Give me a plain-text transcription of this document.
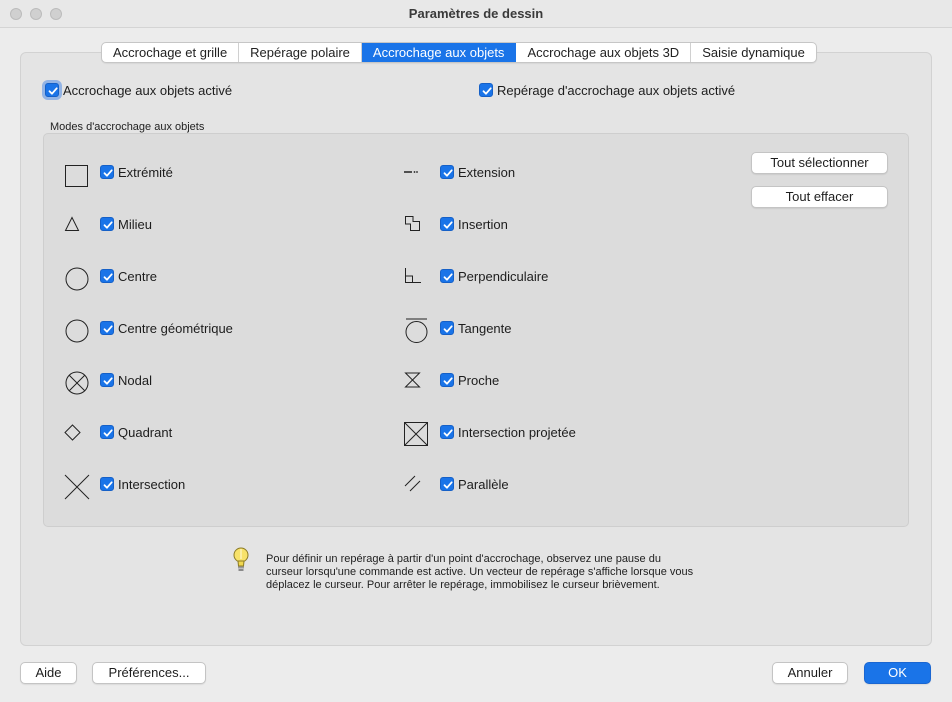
Paramètres de dessin
Accrochage et grille	Repérage polaire	Accrochage aux objets	Accrochage aux objets 3D	Saisie dynamique
Accrochage aux objets activé	Repérage d'accrochage aux objets activé
Modes d'accrochage aux objets
Extrémité
Milieu
Centre
Centre géométrique
Nodal
Quadrant
Intersection
Extension
Insertion
Perpendiculaire
Tangente
Proche
Intersection projetée
Parallèle
Tout sélectionner
Tout effacer
Pour définir un repérage à partir d'un point d'accrochage, observez une pause du
curseur lorsqu'une commande est active. Un vecteur de repérage s'affiche lorsque vous
déplacez le curseur. Pour arrêter le repérage, immobilisez le curseur brièvement.
Aide	Préférences...	Annuler	OK
